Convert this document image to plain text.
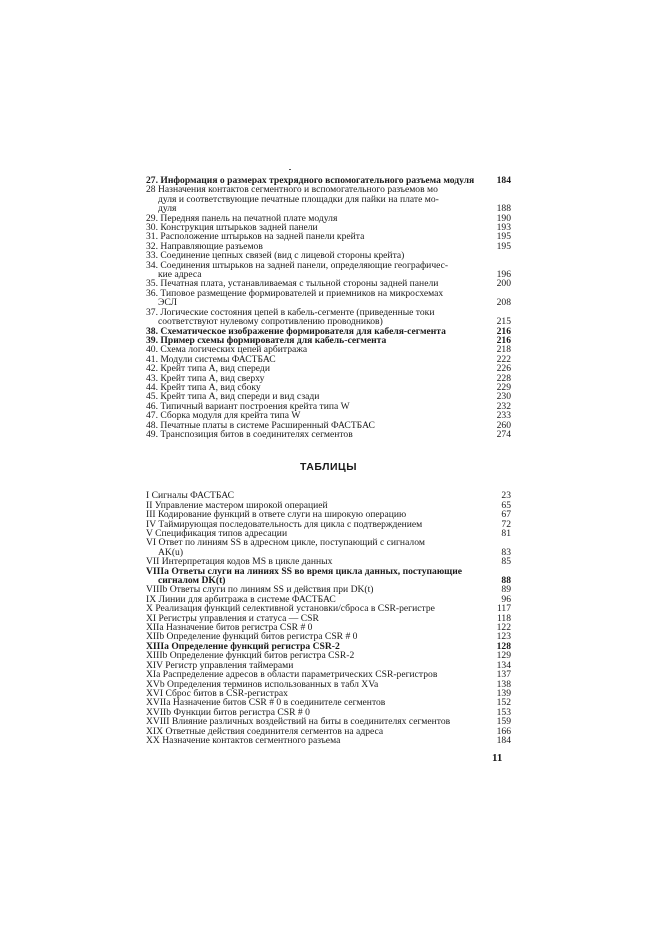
27. Информация о размерах трехрядного вспомогательного разъема модуля	184
28 Назначения контактов сегментного и вспомогательного разъемов мо
дуля и соответствующие печатные площадки для пайки на плате мо-
дуля	188
29. Передняя панель на печатной плате модуля	190
30. Конструкция штырьков задней панели	193
31. Расположение штырьков на задней панели крейта	195
32. Направляющие разъемов	195
33. Соединение цепных связей (вид с лицевой стороны крейта)
34. Соединения штырьков на задней панели, определяющие географичес-
кие адреса	196
35. Печатная плата, устанавливаемая с тыльной стороны задней панели	200
36. Типовое размещение формирователей и приемников на микросхемах
ЭСЛ	208
37. Логические состояния цепей в кабель-сегменте (приведенные токи
соответствуют нулевому сопротивлению проводников)	215
38. Схематическое изображение формирователя для кабеля-сегмента	216
39. Пример схемы формирователя для кабель-сегмента	216
40. Схема логических цепей арбитража	218
41. Модули системы ФАСТБАС	222
42. Крейт типа А, вид спереди	226
43. Крейт типа А, вид сверху	228
44. Крейт типа А, вид сбоку	229
45. Крейт типа А, вид спереди и вид сзади	230
46. Типичный вариант построения крейта типа W	232
47. Сборка модуля для крейта типа W	233
48. Печатные платы в системе Расширенный ФАСТБАС	260
49. Транспозиция битов в соединителях сегментов	274
ТАБЛИЦЫ
I Сигналы ФАСТБАС	23
II Управление мастером широкой операцией	65
III Кодирование функций в ответе слуги на широкую операцию	67
IV Таймирующая последовательность для цикла с подтверждением	72
V Спецификация типов адресации	81
VI Ответ по линиям SS в адресном цикле, поступающий с сигналом
AK(u)	83
VII Интерпретация кодов MS в цикле данных	85
VIIIa Ответы слуги на линиях SS во время цикла данных, поступающие
сигналом DK(t)	88
VIIIb Ответы слуги по линиям SS и действия при DK(t)	89
IX Линии для арбитража в системе ФАСТБАС	96
X Реализация функций селективной установки/сброса в CSR-регистре	117
XI Регистры управления и статуса — CSR	118
XIIa Назначение битов регистра CSR # 0	122
XIIb Определение функций битов регистра CSR # 0	123
XIIIa Определение функций регистра CSR-2	128
XIIIb Определение функций битов регистра CSR-2	129
XIV Регистр управления таймерами	134
XIa Распределение адресов в области параметрических CSR-регистров	137
XVb Определения терминов использованных в табл XVa	138
XVI Сброс битов в CSR-регистрах	139
XVIIa Назначение битов CSR # 0 в соединителе сегментов	152
XVIIb Функции битов регистра CSR # 0	153
XVIII Влияние различных воздействий на биты в соединителях сегментов	159
XIX Ответные действия соединителя сегментов на адреса	166
XX Назначение контактов сегментного разъема	184
11
